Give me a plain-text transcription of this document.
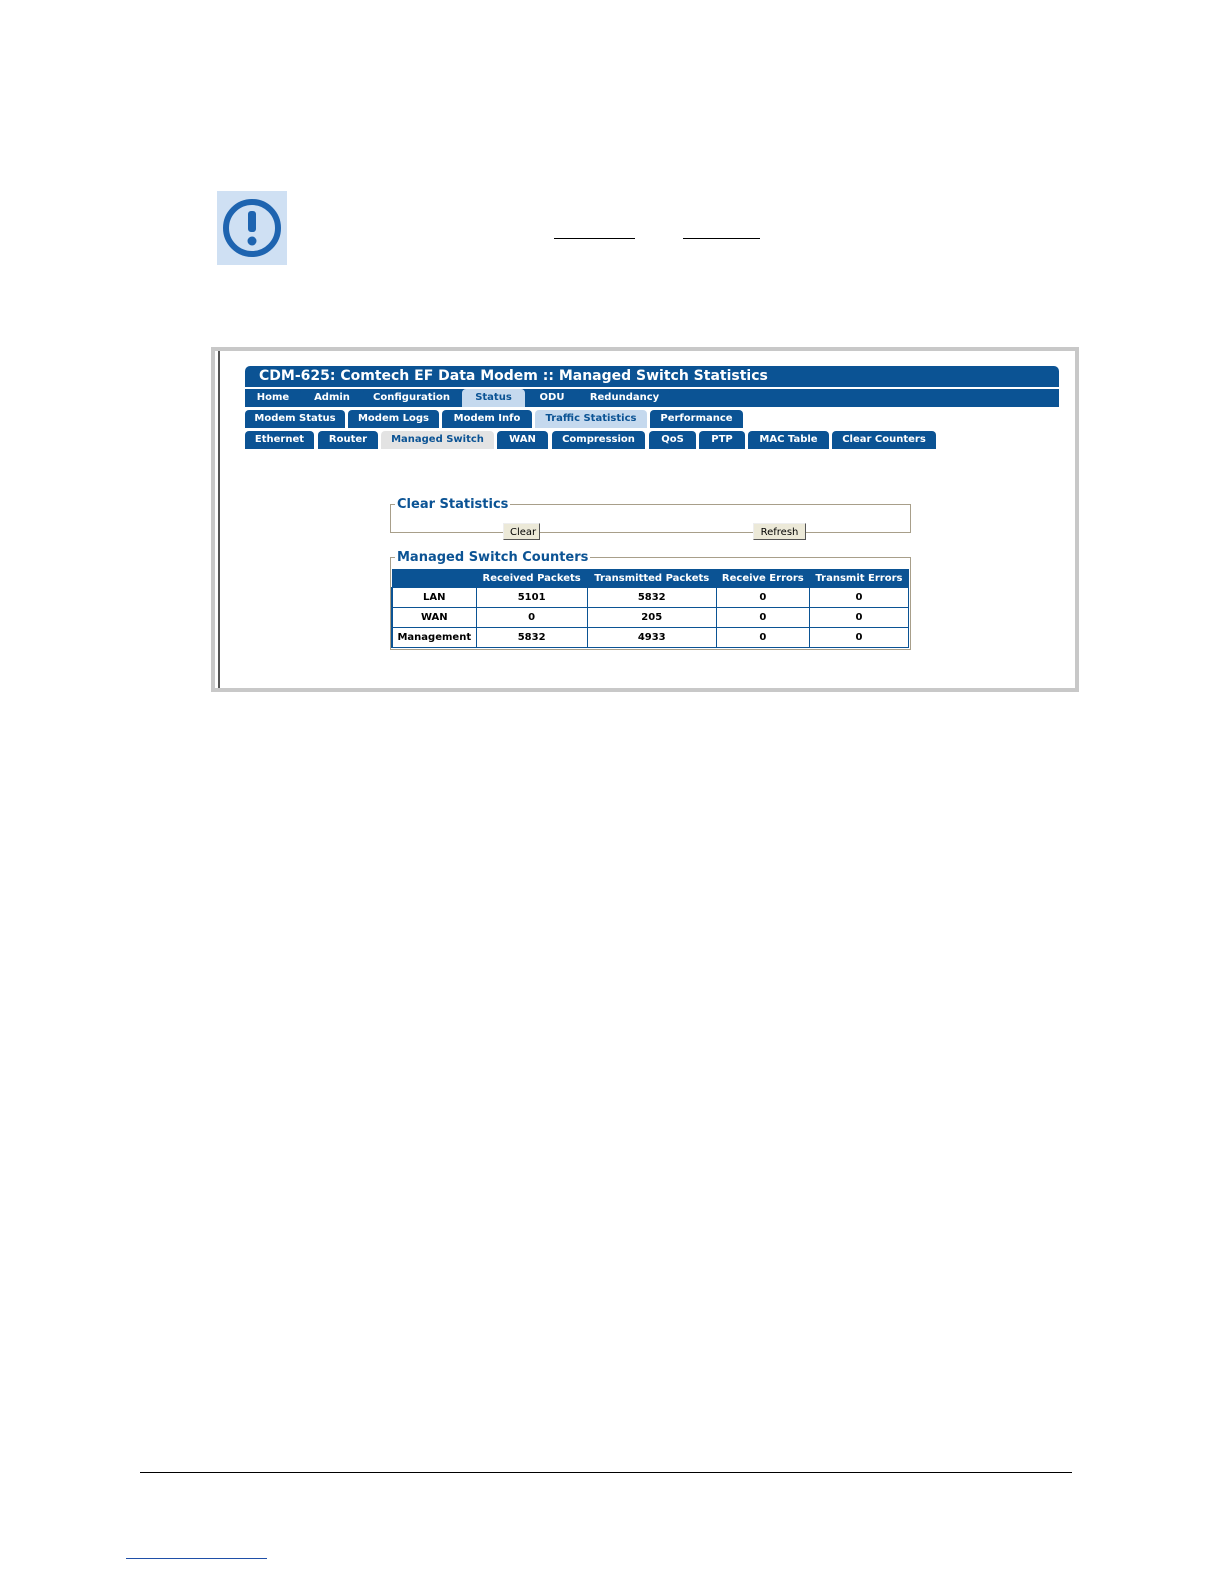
CDM-625: Comtech EF Data Modem :: Managed Switch Statistics
Home	Admin	Configuration	Status	ODU	Redundancy
Modem Status	Modem Logs	Modem Info	Traffic Statistics	Performance
Ethernet	Router	Managed Switch	WAN	Compression	QoS	PTP	MAC Table	Clear Counters
Clear Statistics
Clear	Refresh
Managed Switch Counters
	Received Packets	Transmitted Packets	Receive Errors	Transmit Errors
LAN	5101	5832	0	0
WAN	0	205	0	0
Management	5832	4933	0	0
